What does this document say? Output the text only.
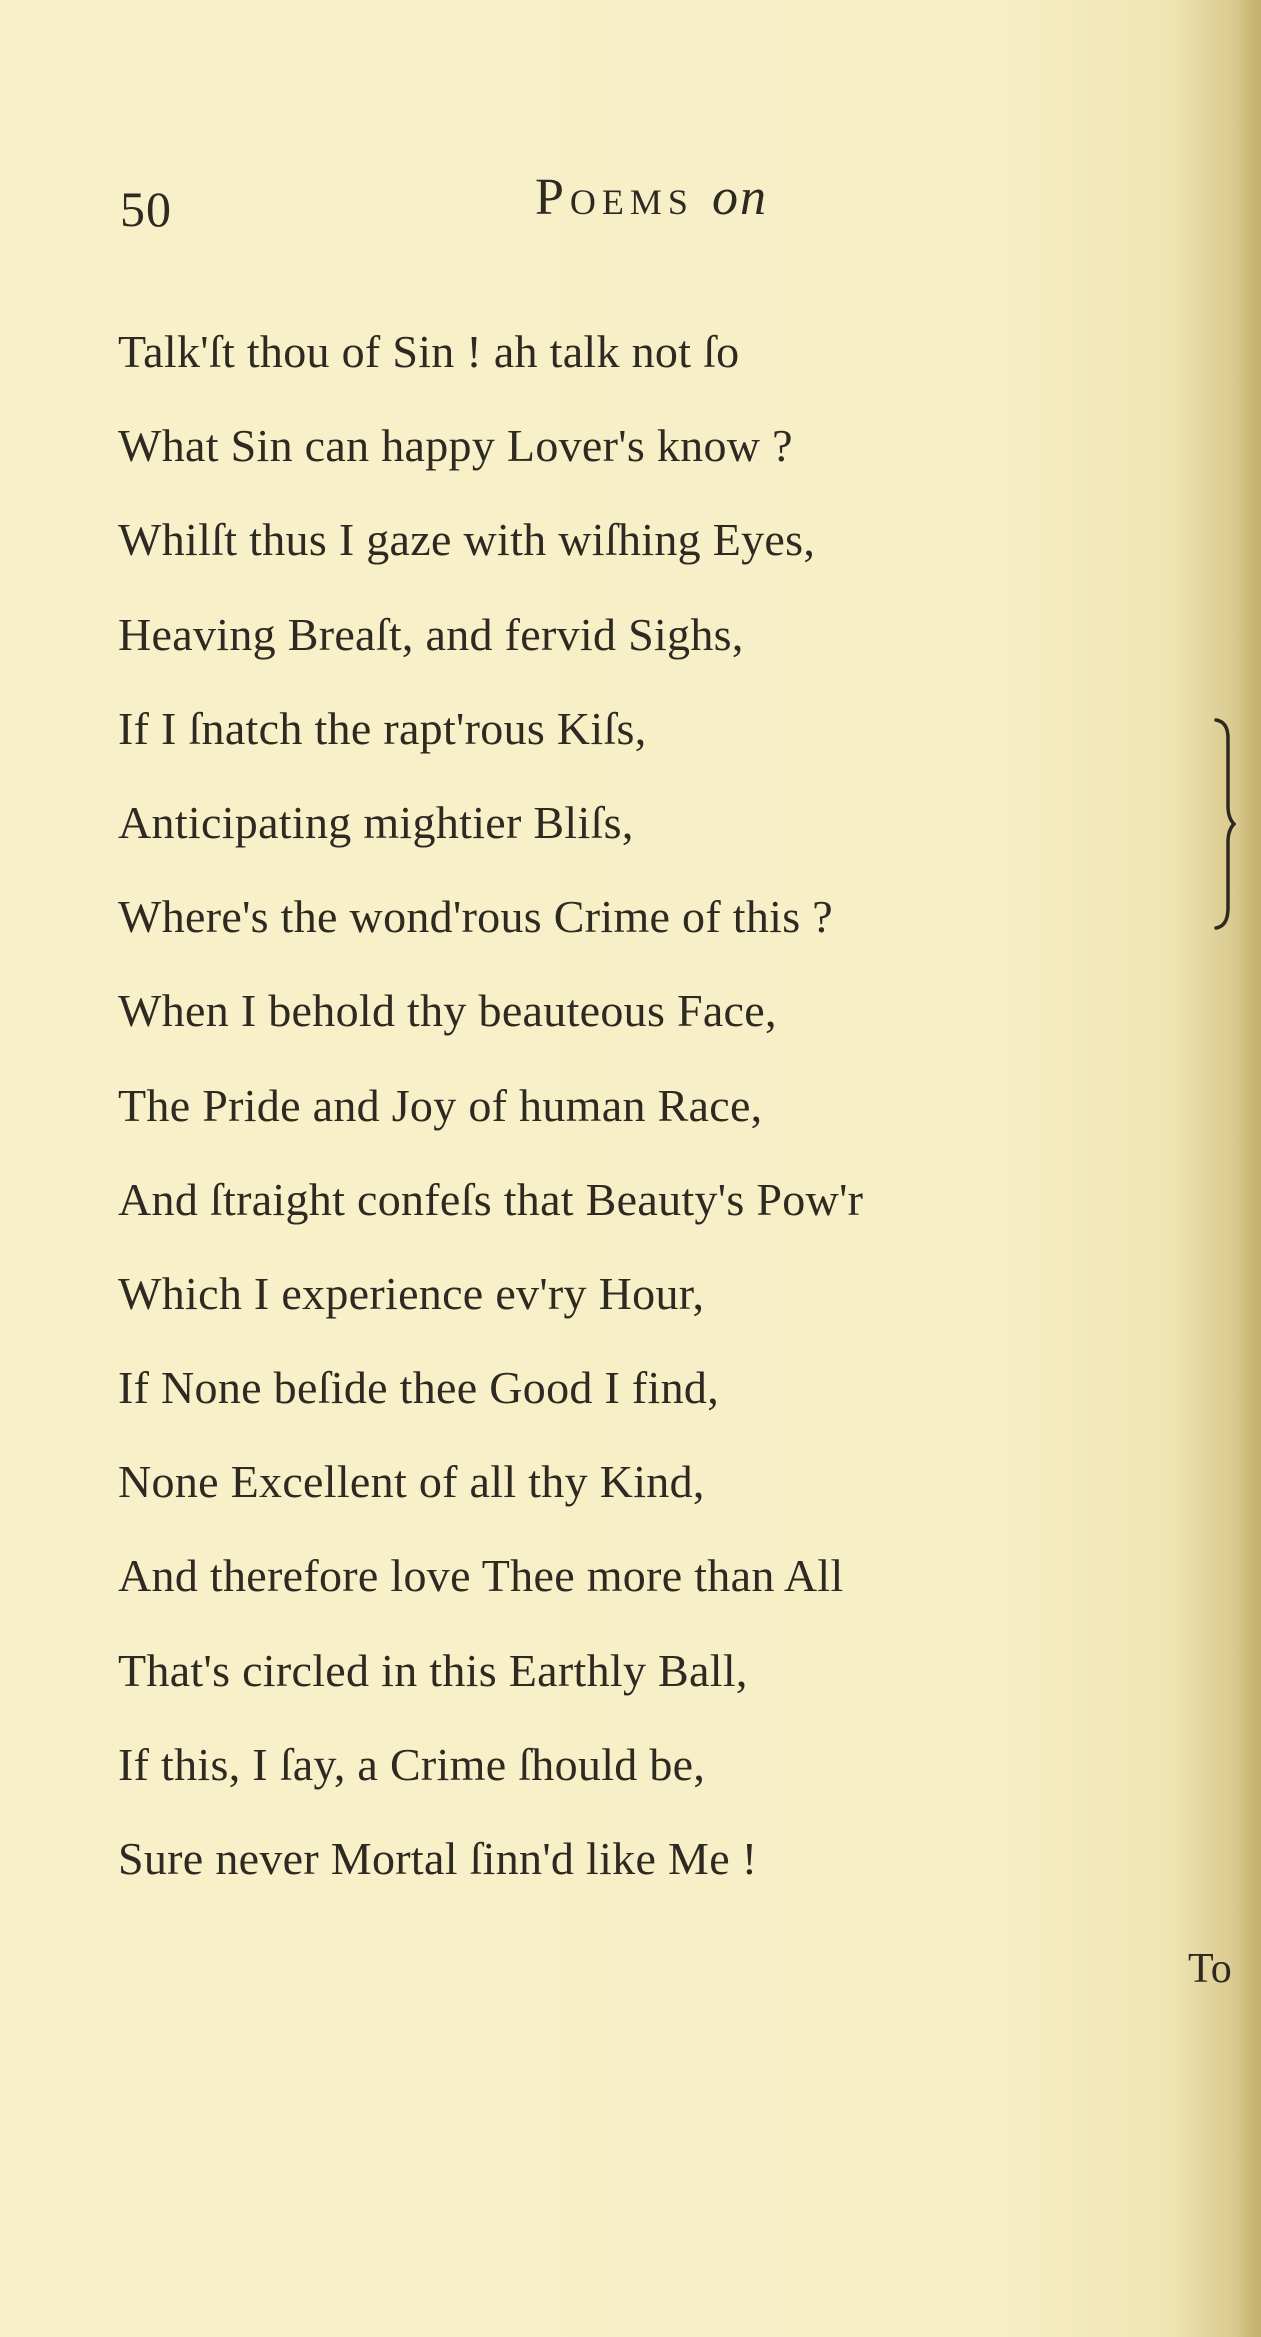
50	Poems on
Talk'ſt thou of Sin ! ah talk not ſo
What Sin can happy Lover's know ?
Whilſt thus I gaze with wiſhing Eyes,
Heaving Breaſt, and fervid Sighs,
If I ſnatch the rapt'rous Kiſs,
Anticipating mightier Bliſs,
Where's the wond'rous Crime of this ?
When I behold thy beauteous Face,
The Pride and Joy of human Race,
And ſtraight confeſs that Beauty's Pow'r
Which I experience ev'ry Hour,
If None beſide thee Good I find,
None Excellent of all thy Kind,
And therefore love Thee more than All
That's circled in this Earthly Ball,
If this, I ſay, a Crime ſhould be,
Sure never Mortal ſinn'd like Me !
To
